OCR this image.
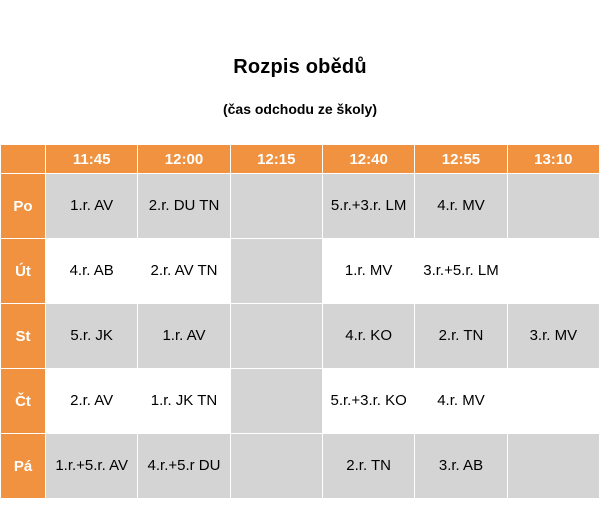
Rozpis obědů
(čas odchodu ze školy)
	11:45	12:00	12:15	12:40	12:55	13:10
Po	1.r. AV	2.r. DU TN		5.r.+3.r. LM	4.r. MV	
Út	4.r. AB	2.r. AV TN		1.r. MV	3.r.+5.r. LM	
St	5.r. JK	1.r. AV		4.r. KO	2.r. TN	3.r. MV
Čt	2.r. AV	1.r. JK TN		5.r.+3.r. KO	4.r. MV	
Pá	1.r.+5.r. AV	4.r.+5.r DU		2.r. TN	3.r. AB	
